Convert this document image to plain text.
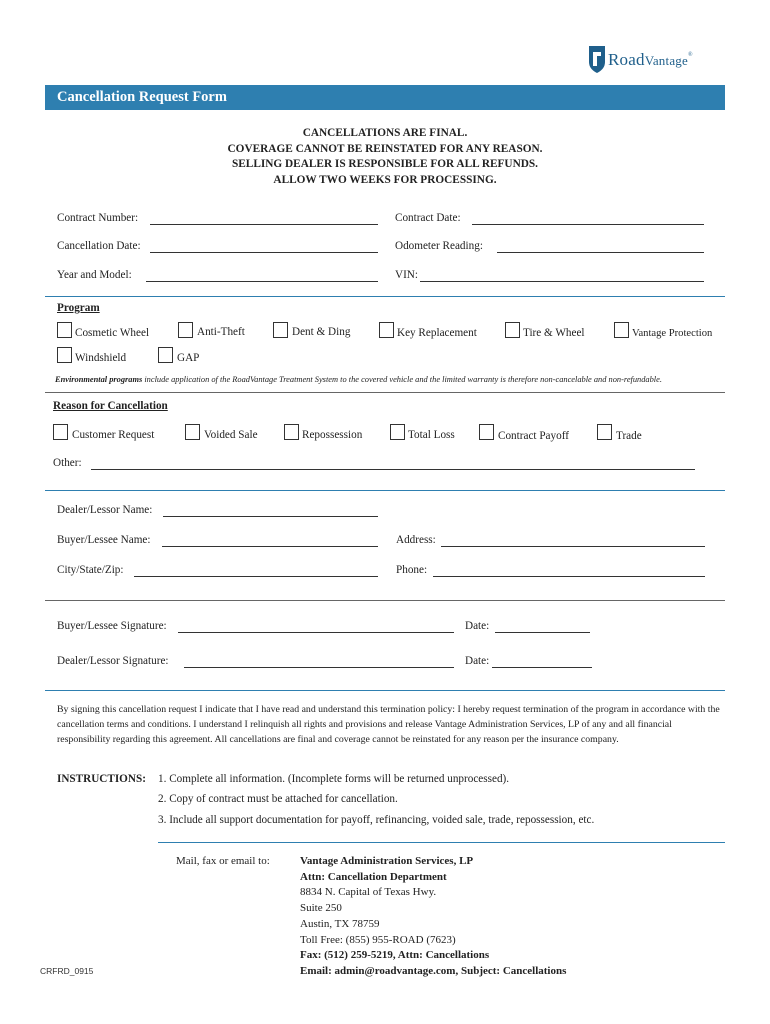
RoadVantage®
Cancellation Request Form
CANCELLATIONS ARE FINAL.
COVERAGE CANNOT BE REINSTATED FOR ANY REASON.
SELLING DEALER IS RESPONSIBLE FOR ALL REFUNDS.
ALLOW TWO WEEKS FOR PROCESSING.
Contract Number:	Contract Date:
Cancellation Date:	Odometer Reading:
Year and Model:	VIN:
Program
Cosmetic Wheel	Anti-Theft	Dent & Ding	Key Replacement	Tire & Wheel	Vantage Protection
Windshield	GAP
Environmental programs include application of the RoadVantage Treatment System to the covered vehicle and the limited warranty is therefore non-cancelable and non-refundable.
Reason for Cancellation
Customer Request	Voided Sale	Repossession	Total Loss	Contract Payoff	Trade
Other:
Dealer/Lessor Name:
Buyer/Lessee Name:	Address:
City/State/Zip:	Phone:
Buyer/Lessee Signature:	Date:
Dealer/Lessor Signature:	Date:
By signing this cancellation request I indicate that I have read and understand this termination policy: I hereby request termination of the program in accordance with the cancellation terms and conditions. I understand I relinquish all rights and provisions and release Vantage Administration Services, LP of any and all financial responsibility regarding this agreement. All cancellations are final and coverage cannot be reinstated for any reason per the insurance company.
INSTRUCTIONS: 1. Complete all information. (Incomplete forms will be returned unprocessed).
2. Copy of contract must be attached for cancellation.
3. Include all support documentation for payoff, refinancing, voided sale, trade, repossession, etc.
Mail, fax or email to:	Vantage Administration Services, LP
Attn: Cancellation Department
8834 N. Capital of Texas Hwy.
Suite 250
Austin, TX 78759
Toll Free: (855) 955-ROAD (7623)
Fax: (512) 259-5219, Attn: Cancellations
Email: admin@roadvantage.com, Subject: Cancellations
CRFRD_0915
